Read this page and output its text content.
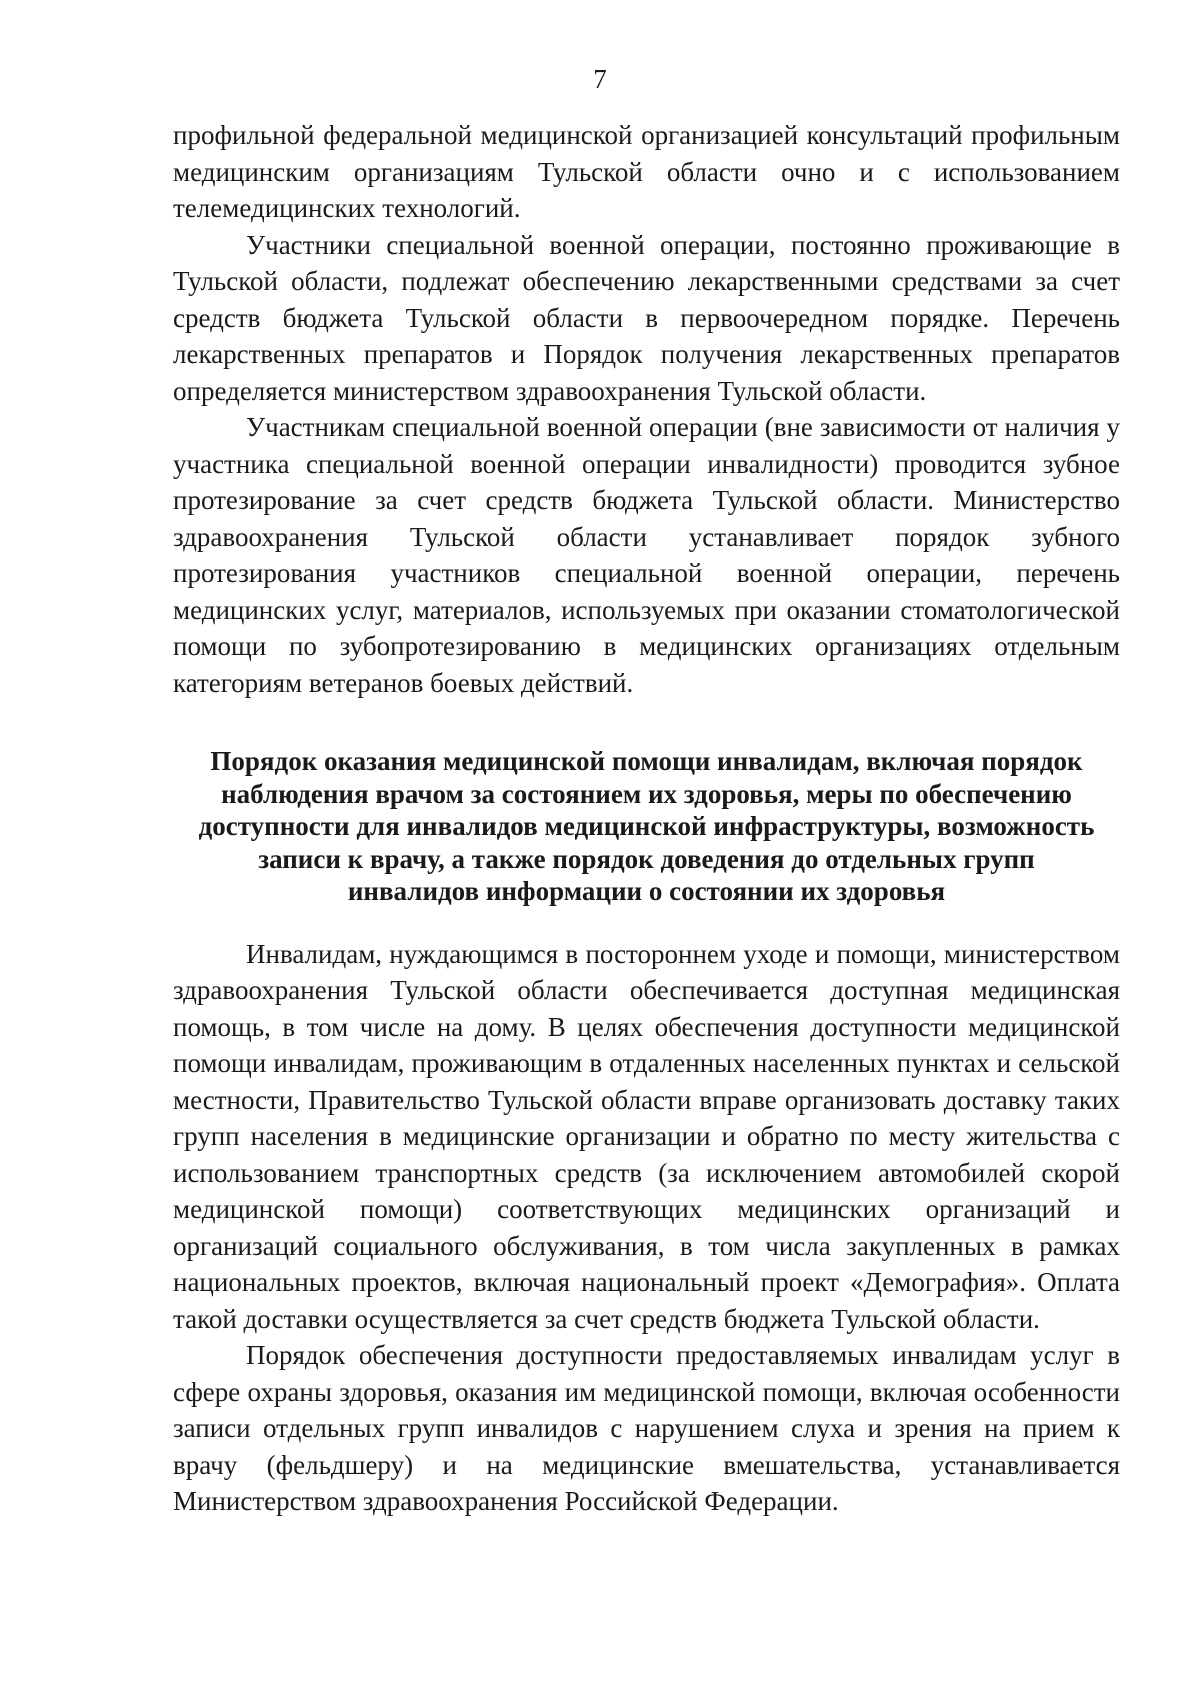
7

профильной федеральной медицинской организацией консультаций профильным медицинским организациям Тульской области очно и с использованием телемедицинских технологий.

Участники специальной военной операции, постоянно проживающие в Тульской области, подлежат обеспечению лекарственными средствами за счет средств бюджета Тульской области в первоочередном порядке. Перечень лекарственных препаратов и Порядок получения лекарственных препаратов определяется министерством здравоохранения Тульской области.

Участникам специальной военной операции (вне зависимости от наличия у участника специальной военной операции инвалидности) проводится зубное протезирование за счет средств бюджета Тульской области. Министерство здравоохранения Тульской области устанавливает порядок зубного протезирования участников специальной военной операции, перечень медицинских услуг, материалов, используемых при оказании стоматологической помощи по зубопротезированию в медицинских организациях отдельным категориям ветеранов боевых действий.

Порядок оказания медицинской помощи инвалидам, включая порядок
наблюдения врачом за состоянием их здоровья, меры по обеспечению
доступности для инвалидов медицинской инфраструктуры, возможность
записи к врачу, а также порядок доведения до отдельных групп
инвалидов информации о состоянии их здоровья

Инвалидам, нуждающимся в постороннем уходе и помощи, министерством здравоохранения Тульской области обеспечивается доступная медицинская помощь, в том числе на дому. В целях обеспечения доступности медицинской помощи инвалидам, проживающим в отдаленных населенных пунктах и сельской местности, Правительство Тульской области вправе организовать доставку таких групп населения в медицинские организации и обратно по месту жительства с использованием транспортных средств (за исключением автомобилей скорой медицинской помощи) соответствующих медицинских организаций и организаций социального обслуживания, в том числа закупленных в рамках национальных проектов, включая национальный проект «Демография». Оплата такой доставки осуществляется за счет средств бюджета Тульской области.

Порядок обеспечения доступности предоставляемых инвалидам услуг в сфере охраны здоровья, оказания им медицинской помощи, включая особенности записи отдельных групп инвалидов с нарушением слуха и зрения на прием к врачу (фельдшеру) и на медицинские вмешательства, устанавливается Министерством здравоохранения Российской Федерации.
